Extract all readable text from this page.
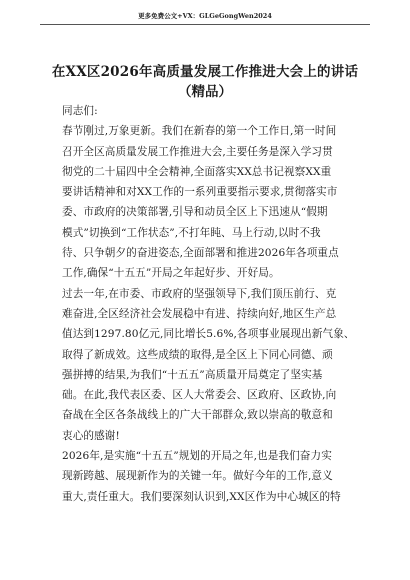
更多免费公文+VX：GLGeGongWen2024
在XX区2026年高质量发展工作推进大会上的讲话
（精品）
同志们:
春节刚过,万象更新。我们在新春的第一个工作日,第一时间
召开全区高质量发展工作推进大会,主要任务是深入学习贯
彻党的二十届四中全会精神,全面落实XX总书记视察XX重
要讲话精神和对XX工作的一系列重要指示要求,贯彻落实市
委、市政府的决策部署,引导和动员全区上下迅速从“假期
模式”切换到“工作状态”,不打年盹、马上行动,以时不我
待、只争朝夕的奋进姿态,全面部署和推进2026年各项重点
工作,确保“十五五”开局之年起好步、开好局。
过去一年,在市委、市政府的坚强领导下,我们顶压前行、克
难奋进,全区经济社会发展稳中有进、持续向好,地区生产总
值达到1297.80亿元,同比增长5.6%,各项事业展现出新气象、
取得了新成效。这些成绩的取得,是全区上下同心同德、顽
强拼搏的结果,为我们“十五五”高质量开局奠定了坚实基
础。在此,我代表区委、区人大常委会、区政府、区政协,向
奋战在全区各条战线上的广大干部群众,致以崇高的敬意和
衷心的感谢!
2026年,是实施“十五五”规划的开局之年,也是我们奋力实
现新跨越、展现新作为的关键一年。做好今年的工作,意义
重大,责任重大。我们要深刻认识到,XX区作为中心城区的特
